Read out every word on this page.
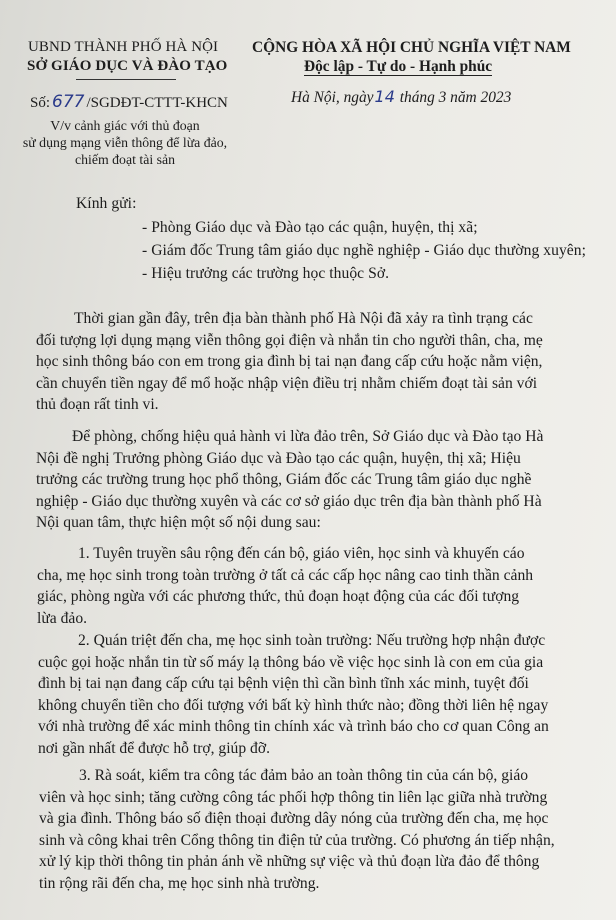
UBND THÀNH PHỐ HÀ NỘI
SỞ GIÁO DỤC VÀ ĐÀO TẠO
Số: 677 /SGDĐT-CTTT-KHCN
V/v cảnh giác với thủ đoạn
sử dụng mạng viễn thông để lừa đảo,
chiếm đoạt tài sản
CỘNG HÒA XÃ HỘI CHỦ NGHĨA VIỆT NAM
Độc lập - Tự do - Hạnh phúc
Hà Nội, ngày14 tháng 3 năm 2023
Kính gửi:
- Phòng Giáo dục và Đào tạo các quận, huyện, thị xã;
- Giám đốc Trung tâm giáo dục nghề nghiệp - Giáo dục thường xuyên;
- Hiệu trưởng các trường học thuộc Sở.
Thời gian gần đây, trên địa bàn thành phố Hà Nội đã xảy ra tình trạng các
đối tượng lợi dụng mạng viễn thông gọi điện và nhắn tin cho người thân, cha, mẹ
học sinh thông báo con em trong gia đình bị tai nạn đang cấp cứu hoặc nằm viện,
cần chuyển tiền ngay để mổ hoặc nhập viện điều trị nhằm chiếm đoạt tài sản với
thủ đoạn rất tinh vi.
Để phòng, chống hiệu quả hành vi lừa đảo trên, Sở Giáo dục và Đào tạo Hà
Nội đề nghị Trưởng phòng Giáo dục và Đào tạo các quận, huyện, thị xã; Hiệu
trưởng các trường trung học phổ thông, Giám đốc các Trung tâm giáo dục nghề
nghiệp - Giáo dục thường xuyên và các cơ sở giáo dục trên địa bàn thành phố Hà
Nội quan tâm, thực hiện một số nội dung sau:
1. Tuyên truyền sâu rộng đến cán bộ, giáo viên, học sinh và khuyến cáo
cha, mẹ học sinh trong toàn trường ở tất cả các cấp học nâng cao tinh thần cảnh
giác, phòng ngừa với các phương thức, thủ đoạn hoạt động của các đối tượng
lừa đảo.
2. Quán triệt đến cha, mẹ học sinh toàn trường: Nếu trường hợp nhận được
cuộc gọi hoặc nhắn tin từ số máy lạ thông báo về việc học sinh là con em của gia
đình bị tai nạn đang cấp cứu tại bệnh viện thì cần bình tĩnh xác minh, tuyệt đối
không chuyển tiền cho đối tượng với bất kỳ hình thức nào; đồng thời liên hệ ngay
với nhà trường để xác minh thông tin chính xác và trình báo cho cơ quan Công an
nơi gần nhất để được hỗ trợ, giúp đỡ.
3. Rà soát, kiểm tra công tác đảm bảo an toàn thông tin của cán bộ, giáo
viên và học sinh; tăng cường công tác phối hợp thông tin liên lạc giữa nhà trường
và gia đình. Thông báo số điện thoại đường dây nóng của trường đến cha, mẹ học
sinh và công khai trên Cổng thông tin điện tử của trường. Có phương án tiếp nhận,
xử lý kịp thời thông tin phản ánh về những sự việc và thủ đoạn lừa đảo để thông
tin rộng rãi đến cha, mẹ học sinh nhà trường.
